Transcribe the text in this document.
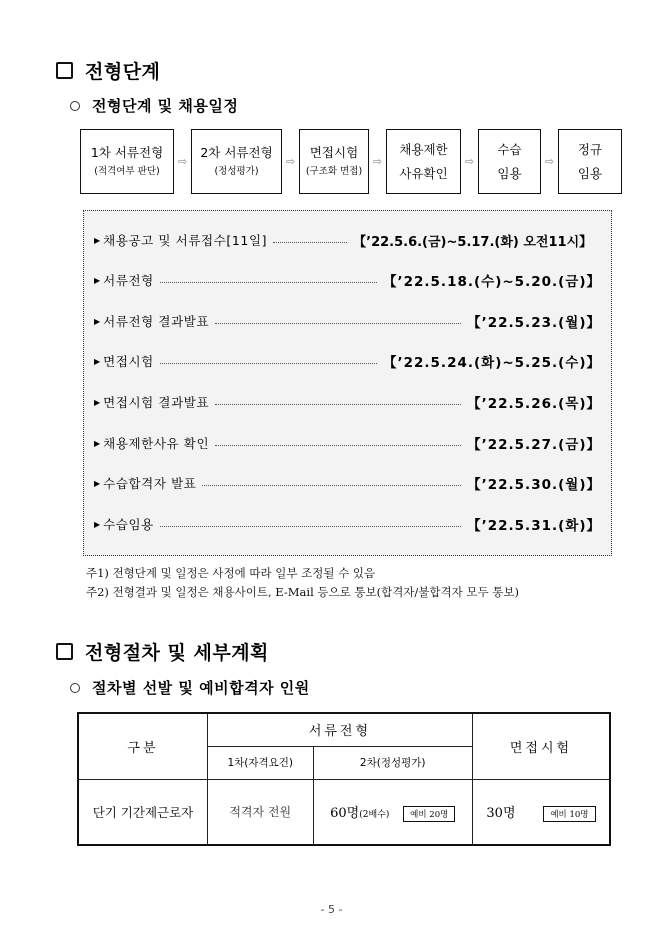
전형단계
전형단계 및 채용일정
1차 서류전형
(적격여부 판단)
⇨
2차 서류전형
(정성평가)
⇨
면접시험
(구조화 면접)
⇨
채용제한
사유확인
⇨
수습
임용
⇨
정규
임용
▶ 채용공고 및 서류접수[11일]	【’22.5.6.(금)~5.17.(화) 오전11시】
▶ 서류전형	【’22.5.18.(수)~5.20.(금)】
▶ 서류전형 결과발표	【’22.5.23.(월)】
▶ 면접시험	【’22.5.24.(화)~5.25.(수)】
▶ 면접시험 결과발표	【’22.5.26.(목)】
▶ 채용제한사유 확인	【’22.5.27.(금)】
▶ 수습합격자 발표	【’22.5.30.(월)】
▶ 수습임용	【’22.5.31.(화)】
주1) 전형단계 및 일정은 사정에 따라 일부 조정될 수 있음
주2) 전형결과 및 일정은 채용사이트, E-Mail 등으로 통보(합격자/불합격자 모두 통보)
전형절차 및 세부계획
절차별 선발 및 예비합격자 인원
구분	서류전형		면접시험
	1차(자격요건)	2차(정성평가)	
단기 기간제근로자	적격자 전원	60명(2배수) 예비 20명	30명 예비 10명
- 5 -
